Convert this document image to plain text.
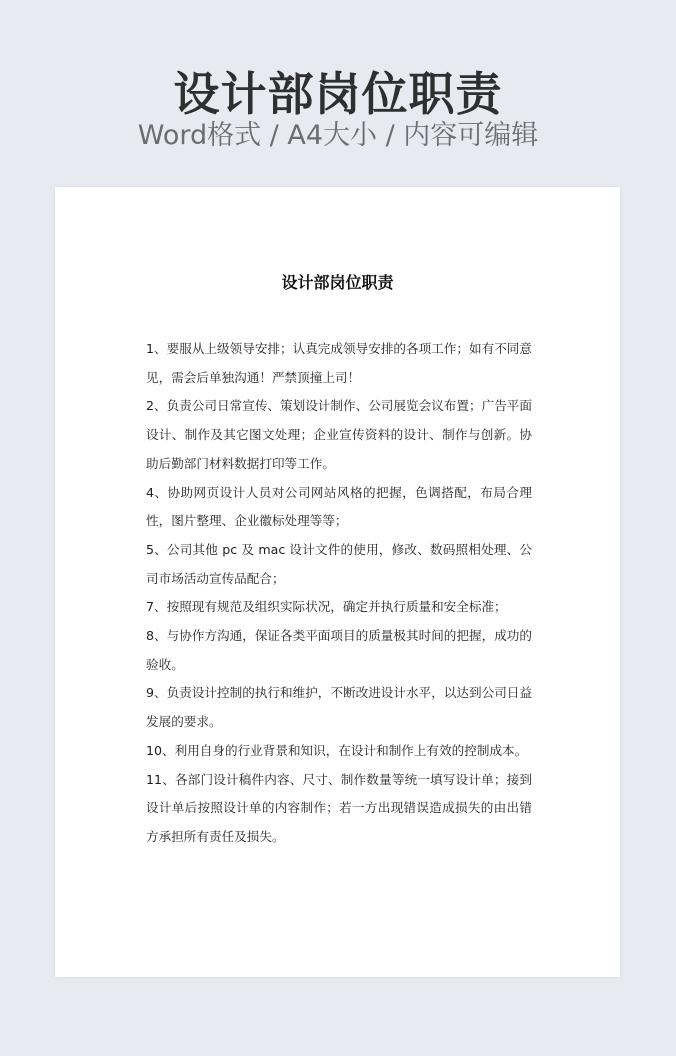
设计部岗位职责
Word格式 / A4大小 / 内容可编辑
设计部岗位职责

1、要服从上级领导安排；认真完成领导安排的各项工作；如有不同意见，需会后单独沟通！严禁顶撞上司！

2、负责公司日常宣传、策划设计制作、公司展览会议布置；广告平面设计、制作及其它图文处理；企业宣传资料的设计、制作与创新。协助后勤部门材料数据打印等工作。

4、协助网页设计人员对公司网站风格的把握，色调搭配，布局合理性，图片整理、企业徽标处理等等；

5、公司其他 pc 及 mac 设计文件的使用，修改、数码照相处理、公司市场活动宣传品配合；

7、按照现有规范及组织实际状况，确定并执行质量和安全标准；

8、与协作方沟通，保证各类平面项目的质量极其时间的把握，成功的验收。

9、负责设计控制的执行和维护，不断改进设计水平，以达到公司日益发展的要求。

10、利用自身的行业背景和知识，在设计和制作上有效的控制成本。

11、各部门设计稿件内容、尺寸、制作数量等统一填写设计单；接到设计单后按照设计单的内容制作；若一方出现错误造成损失的由出错方承担所有责任及损失。
